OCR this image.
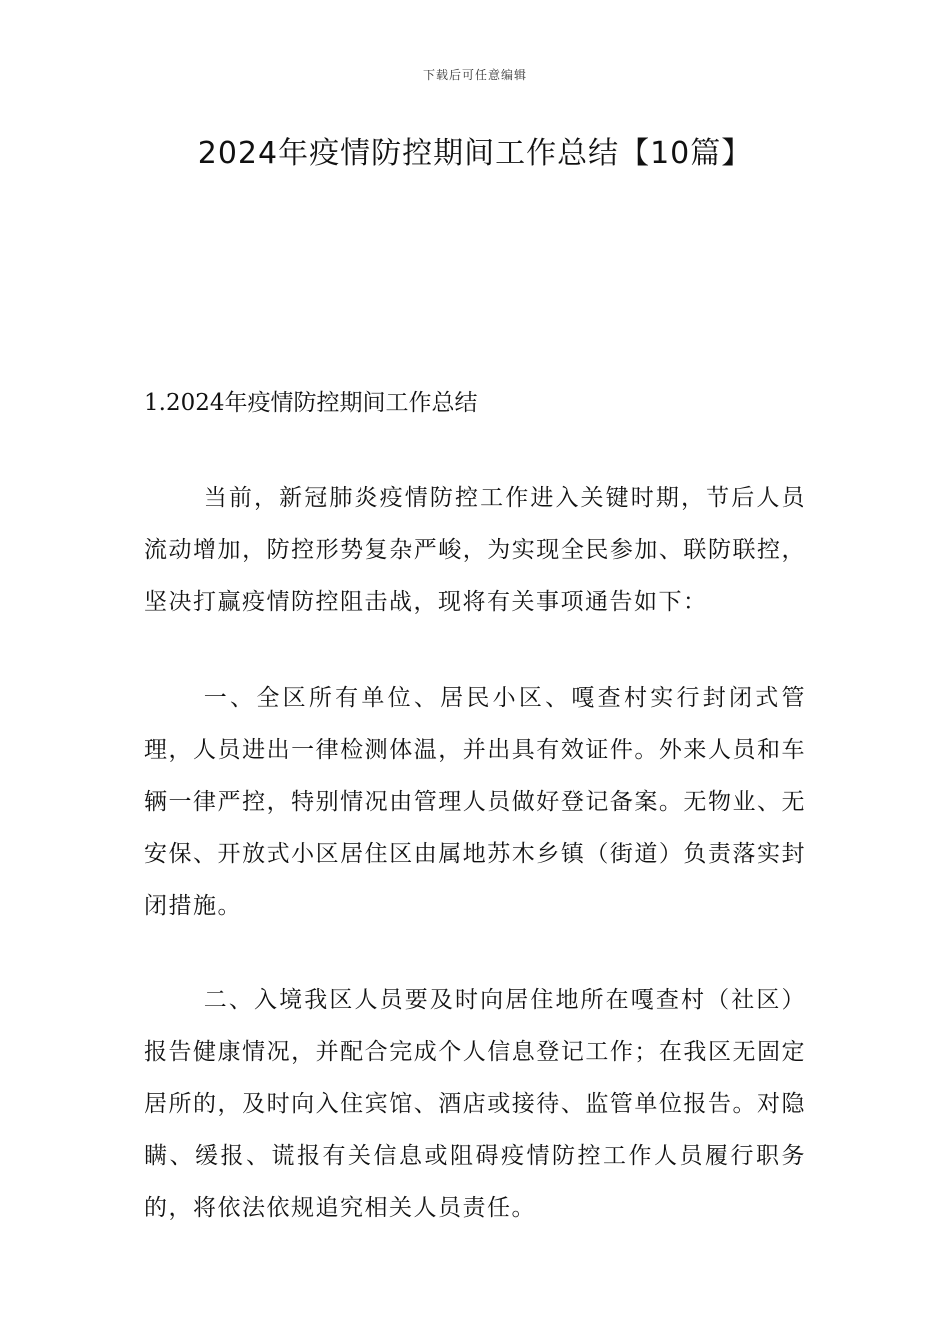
下载后可任意编辑
2024年疫情防控期间工作总结【10篇】
1.2024年疫情防控期间工作总结

当前，新冠肺炎疫情防控工作进入关键时期，节后人员流动增加，防控形势复杂严峻，为实现全民参加、联防联控，坚决打赢疫情防控阻击战，现将有关事项通告如下：

一、全区所有单位、居民小区、嘎查村实行封闭式管理，人员进出一律检测体温，并出具有效证件。外来人员和车辆一律严控，特别情况由管理人员做好登记备案。无物业、无安保、开放式小区居住区由属地苏木乡镇（街道）负责落实封闭措施。

二、入境我区人员要及时向居住地所在嘎查村（社区）报告健康情况，并配合完成个人信息登记工作；在我区无固定居所的，及时向入住宾馆、酒店或接待、监管单位报告。对隐瞒、缓报、谎报有关信息或阻碍疫情防控工作人员履行职务的，将依法依规追究相关人员责任。
